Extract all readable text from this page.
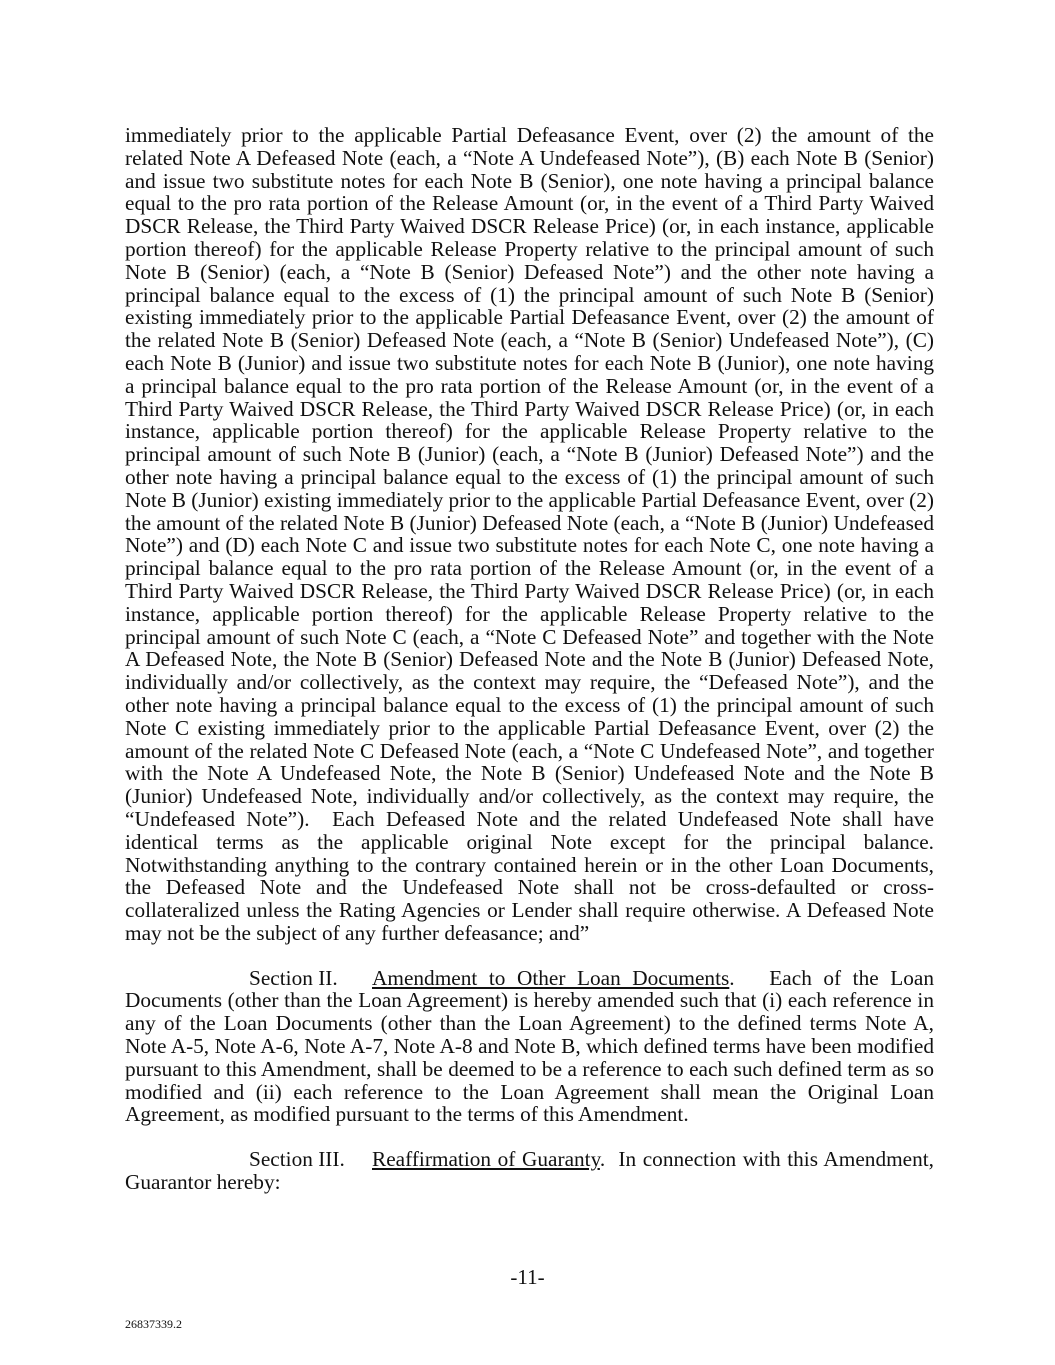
immediately prior to the applicable Partial Defeasance Event, over (2) the amount of the related Note A Defeased Note (each, a “Note A Undefeased Note”), (B) each Note B (Senior) and issue two substitute notes for each Note B (Senior), one note having a principal balance equal to the pro rata portion of the Release Amount (or, in the event of a Third Party Waived DSCR Release, the Third Party Waived DSCR Release Price) (or, in each instance, applicable portion thereof) for the applicable Release Property relative to the principal amount of such Note B (Senior) (each, a “Note B (Senior) Defeased Note”) and the other note having a principal balance equal to the excess of (1) the principal amount of such Note B (Senior) existing immediately prior to the applicable Partial Defeasance Event, over (2) the amount of the related Note B (Senior) Defeased Note (each, a “Note B (Senior) Undefeased Note”), (C) each Note B (Junior) and issue two substitute notes for each Note B (Junior), one note having a principal balance equal to the pro rata portion of the Release Amount (or, in the event of a Third Party Waived DSCR Release, the Third Party Waived DSCR Release Price) (or, in each instance, applicable portion thereof) for the applicable Release Property relative to the principal amount of such Note B (Junior) (each, a “Note B (Junior) Defeased Note”) and the other note having a principal balance equal to the excess of (1) the principal amount of such Note B (Junior) existing immediately prior to the applicable Partial Defeasance Event, over (2) the amount of the related Note B (Junior) Defeased Note (each, a “Note B (Junior) Undefeased Note”) and (D) each Note C and issue two substitute notes for each Note C, one note having a principal balance equal to the pro rata portion of the Release Amount (or, in the event of a Third Party Waived DSCR Release, the Third Party Waived DSCR Release Price) (or, in each instance, applicable portion thereof) for the applicable Release Property relative to the principal amount of such Note C (each, a “Note C Defeased Note” and together with the Note A Defeased Note, the Note B (Senior) Defeased Note and the Note B (Junior) Defeased Note, individually and/or collectively, as the context may require, the “Defeased Note”), and the other note having a principal balance equal to the excess of (1) the principal amount of such Note C existing immediately prior to the applicable Partial Defeasance Event, over (2) the amount of the related Note C Defeased Note (each, a “Note C Undefeased Note”, and together with the Note A Undefeased Note, the Note B (Senior) Undefeased Note and the Note B (Junior) Undefeased Note, individually and/or collectively, as the context may require, the “Undefeased Note”).  Each Defeased Note and the related Undefeased Note shall have identical terms as the applicable original Note except for the principal balance. Notwithstanding anything to the contrary contained herein or in the other Loan Documents, the Defeased Note and the Undefeased Note shall not be cross-defaulted or cross-collateralized unless the Rating Agencies or Lender shall require otherwise. A Defeased Note may not be the subject of any further defeasance; and”

Section II. Amendment to Other Loan Documents. Each of the Loan Documents (other than the Loan Agreement) is hereby amended such that (i) each reference in any of the Loan Documents (other than the Loan Agreement) to the defined terms Note A, Note A-5, Note A-6, Note A-7, Note A-8 and Note B, which defined terms have been modified pursuant to this Amendment, shall be deemed to be a reference to each such defined term as so modified and (ii) each reference to the Loan Agreement shall mean the Original Loan Agreement, as modified pursuant to the terms of this Amendment.

Section III. Reaffirmation of Guaranty. In connection with this Amendment, Guarantor hereby:

-11-
26837339.2
